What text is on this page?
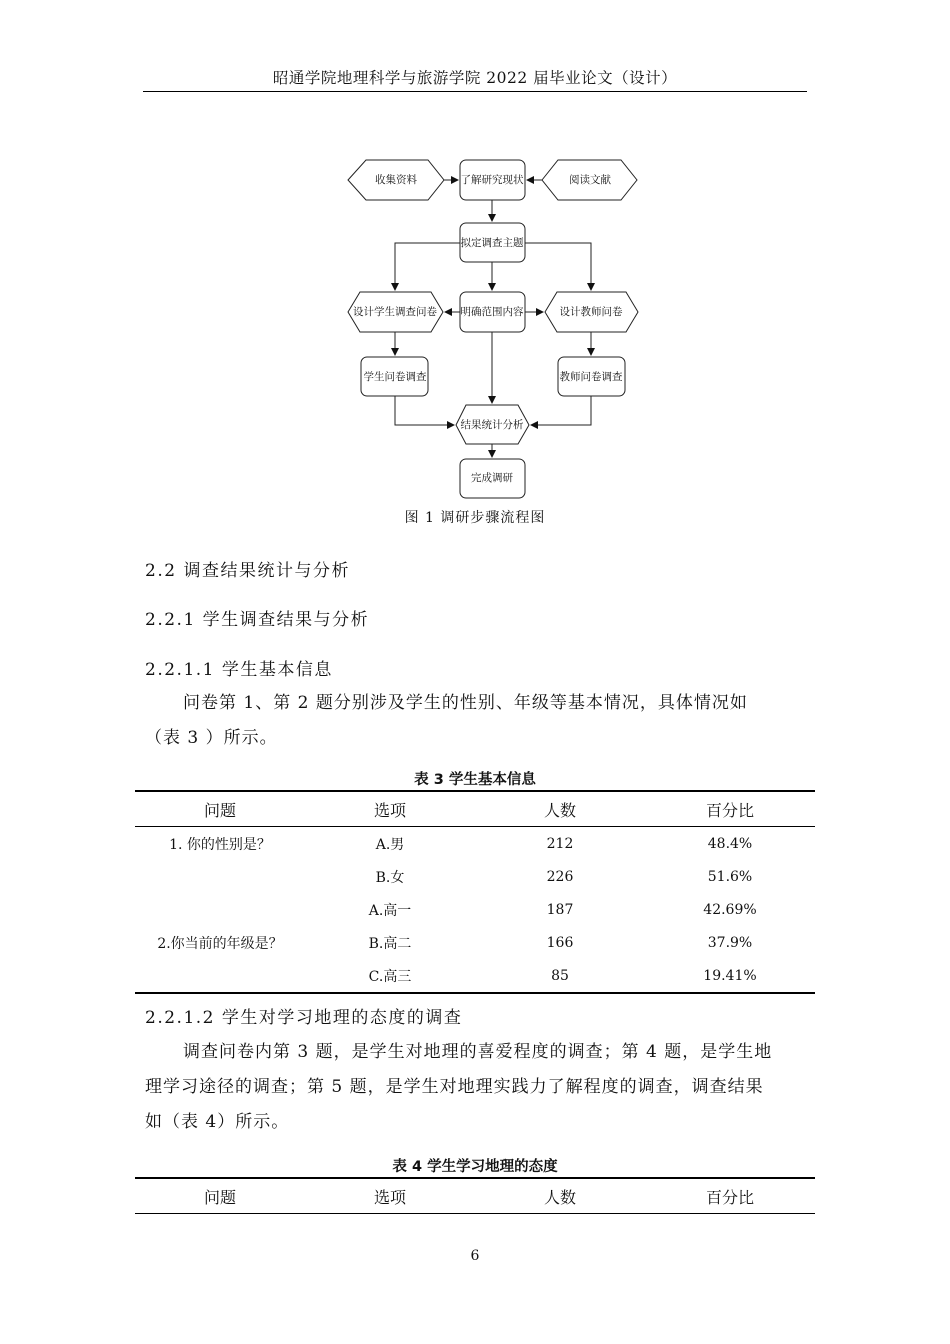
昭通学院地理科学与旅游学院 2022 届毕业论文（设计）
收集资料	了解研究现状	阅读文献
拟定调查主题
明确范围内容
设计学生调查问卷	设计教师问卷
学生问卷调查	教师问卷调查
结果统计分析
完成调研
图 1 调研步骤流程图
2.2 调查结果统计与分析
2.2.1 学生调查结果与分析
2.2.1.1 学生基本信息
问卷第 1、第 2 题分别涉及学生的性别、年级等基本情况，具体情况如
（表 3 ）所示。
表 3 学生基本信息
问题	选项	人数	百分比
1. 你的性别是？	A.男	212	48.4%
	B.女	226	51.6%
	A.高一	187	42.69%
2.你当前的年级是？	B.高二	166	37.9%
	C.高三	85	19.41%
2.2.1.2 学生对学习地理的态度的调查
调查问卷内第 3 题，是学生对地理的喜爱程度的调查；第 4 题，是学生地
理学习途径的调查；第 5 题，是学生对地理实践力了解程度的调查，调查结果
如（表 4）所示。
表 4 学生学习地理的态度
问题	选项	人数	百分比
6
